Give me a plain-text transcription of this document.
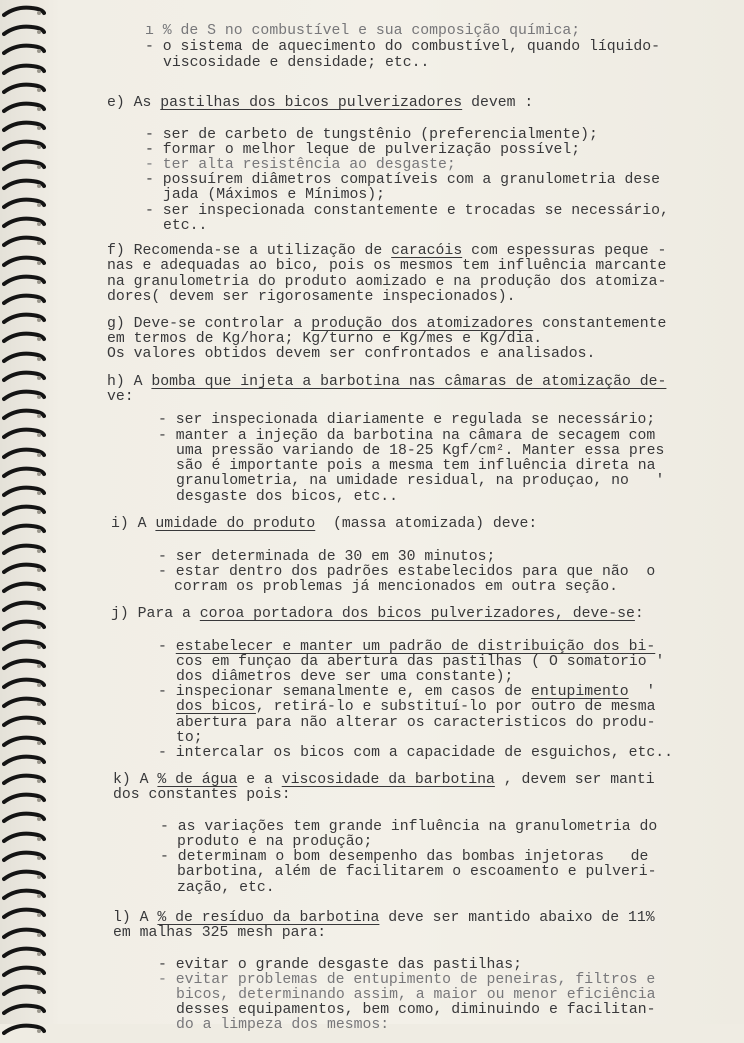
ı % de S no combustível e sua composição química;
- o sistema de aquecimento do combustível, quando líquido-
viscosidade e densidade; etc..
e) As pastilhas dos bicos pulverizadores devem :
- ser de carbeto de tungstênio (preferencialmente);
- formar o melhor leque de pulverização possível;
- ter alta resistência ao desgaste;
- possuírem diâmetros compatíveis com a granulometria dese
jada (Máximos e Mínimos);
- ser inspecionada constantemente e trocadas se necessário,
etc..
f) Recomenda-se a utilização de caracóis com espessuras peque -
nas e adequadas ao bico, pois os mesmos tem influência marcante
na granulometria do produto aomizado e na produção dos atomiza-
dores( devem ser rigorosamente inspecionados).
g) Deve-se controlar a produção dos atomizadores constantemente
em termos de Kg/hora; Kg/turno e Kg/mes e Kg/dia.
Os valores obtidos devem ser confrontados e analisados.
h) A bomba que injeta a barbotina nas câmaras de atomização de-
ve:
- ser inspecionada diariamente e regulada se necessário;
- manter a injeção da barbotina na câmara de secagem com
uma pressão variando de 18-25 Kgf/cm². Manter essa pres
são é importante pois a mesma tem influência direta na
granulometria, na umidade residual, na produçao, no   '
desgaste dos bicos, etc..
i) A umidade do produto  (massa atomizada) deve:
- ser determinada de 30 em 30 minutos;
- estar dentro dos padrões estabelecidos para que não  o
corram os problemas já mencionados em outra seção.
j) Para a coroa portadora dos bicos pulverizadores, deve-se:
- estabelecer e manter um padrão de distribuição dos bi-
cos em funçao da abertura das pastilhas ( O somatorio '
dos diâmetros deve ser uma constante);
- inspecionar semanalmente e, em casos de entupimento  '
dos bicos, retirá-lo e substituí-lo por outro de mesma
abertura para não alterar os caracteristicos do produ-
to;
- intercalar os bicos com a capacidade de esguichos, etc..
k) A % de água e a viscosidade da barbotina , devem ser manti
dos constantes pois:
- as variações tem grande influência na granulometria do
produto e na produção;
- determinam o bom desempenho das bombas injetoras   de
barbotina, além de facilitarem o escoamento e pulveri-
zação, etc.
l) A % de resíduo da barbotina deve ser mantido abaixo de 11%
em malhas 325 mesh para:
- evitar o grande desgaste das pastilhas;
- evitar problemas de entupimento de peneiras, filtros e
bicos, determinando assim, a maior ou menor eficiência
desses equipamentos, bem como, diminuindo e facilitan-
do a limpeza dos mesmos:
